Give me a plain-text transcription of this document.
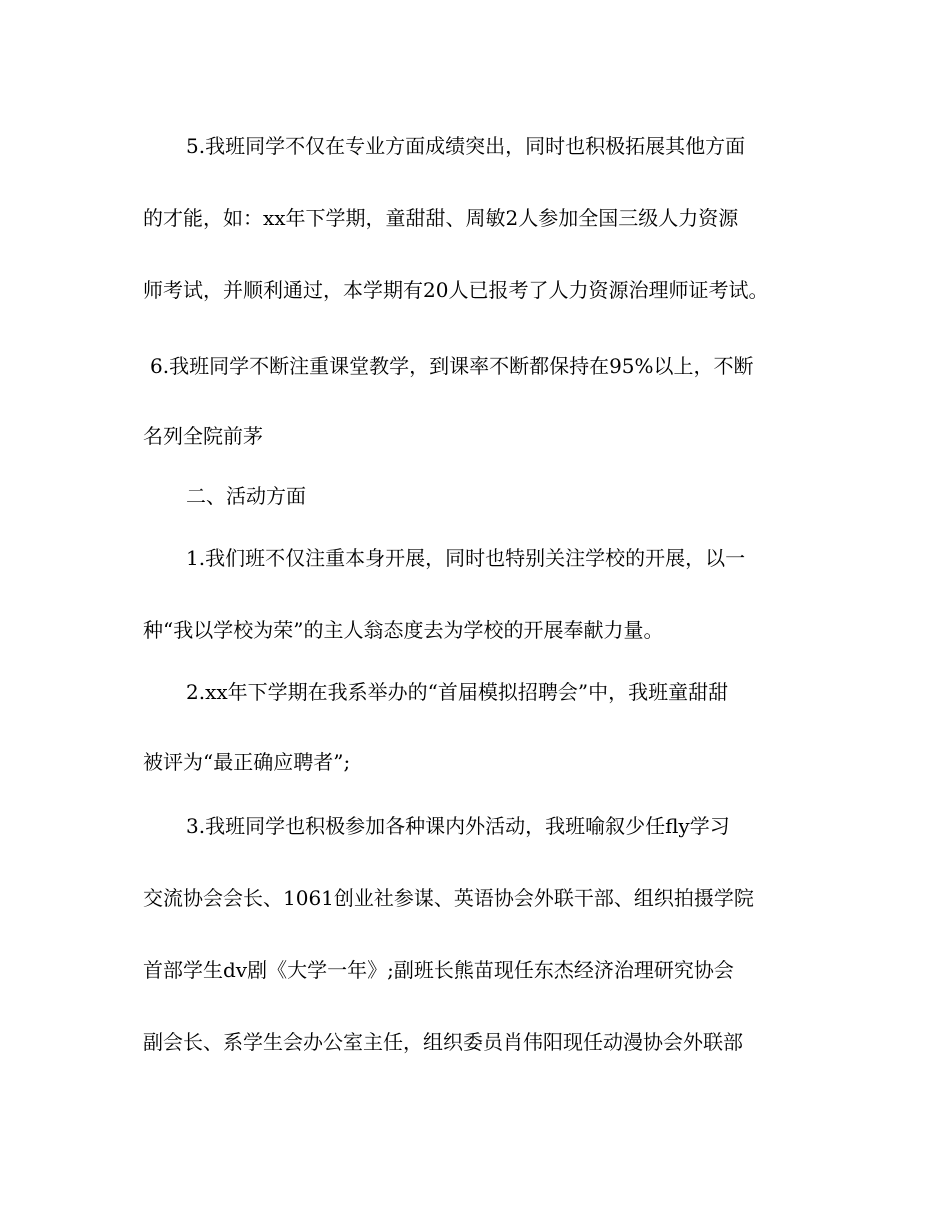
5.我班同学不仅在专业方面成绩突出，同时也积极拓展其他方面
的才能，如：xx年下学期，童甜甜、周敏2人参加全国三级人力资源
师考试，并顺利通过，本学期有20人已报考了人力资源治理师证考试。
6.我班同学不断注重课堂教学，到课率不断都保持在95%以上，不断
名列全院前茅
二、活动方面
1.我们班不仅注重本身开展，同时也特别关注学校的开展，以一
种“我以学校为荣”的主人翁态度去为学校的开展奉献力量。
2.xx年下学期在我系举办的“首届模拟招聘会”中，我班童甜甜
被评为“最正确应聘者”;
3.我班同学也积极参加各种课内外活动，我班喻叙少任fly学习
交流协会会长、1061创业社参谋、英语协会外联干部、组织拍摄学院
首部学生dv剧《大学一年》;副班长熊苗现任东杰经济治理研究协会
副会长、系学生会办公室主任，组织委员肖伟阳现任动漫协会外联部
